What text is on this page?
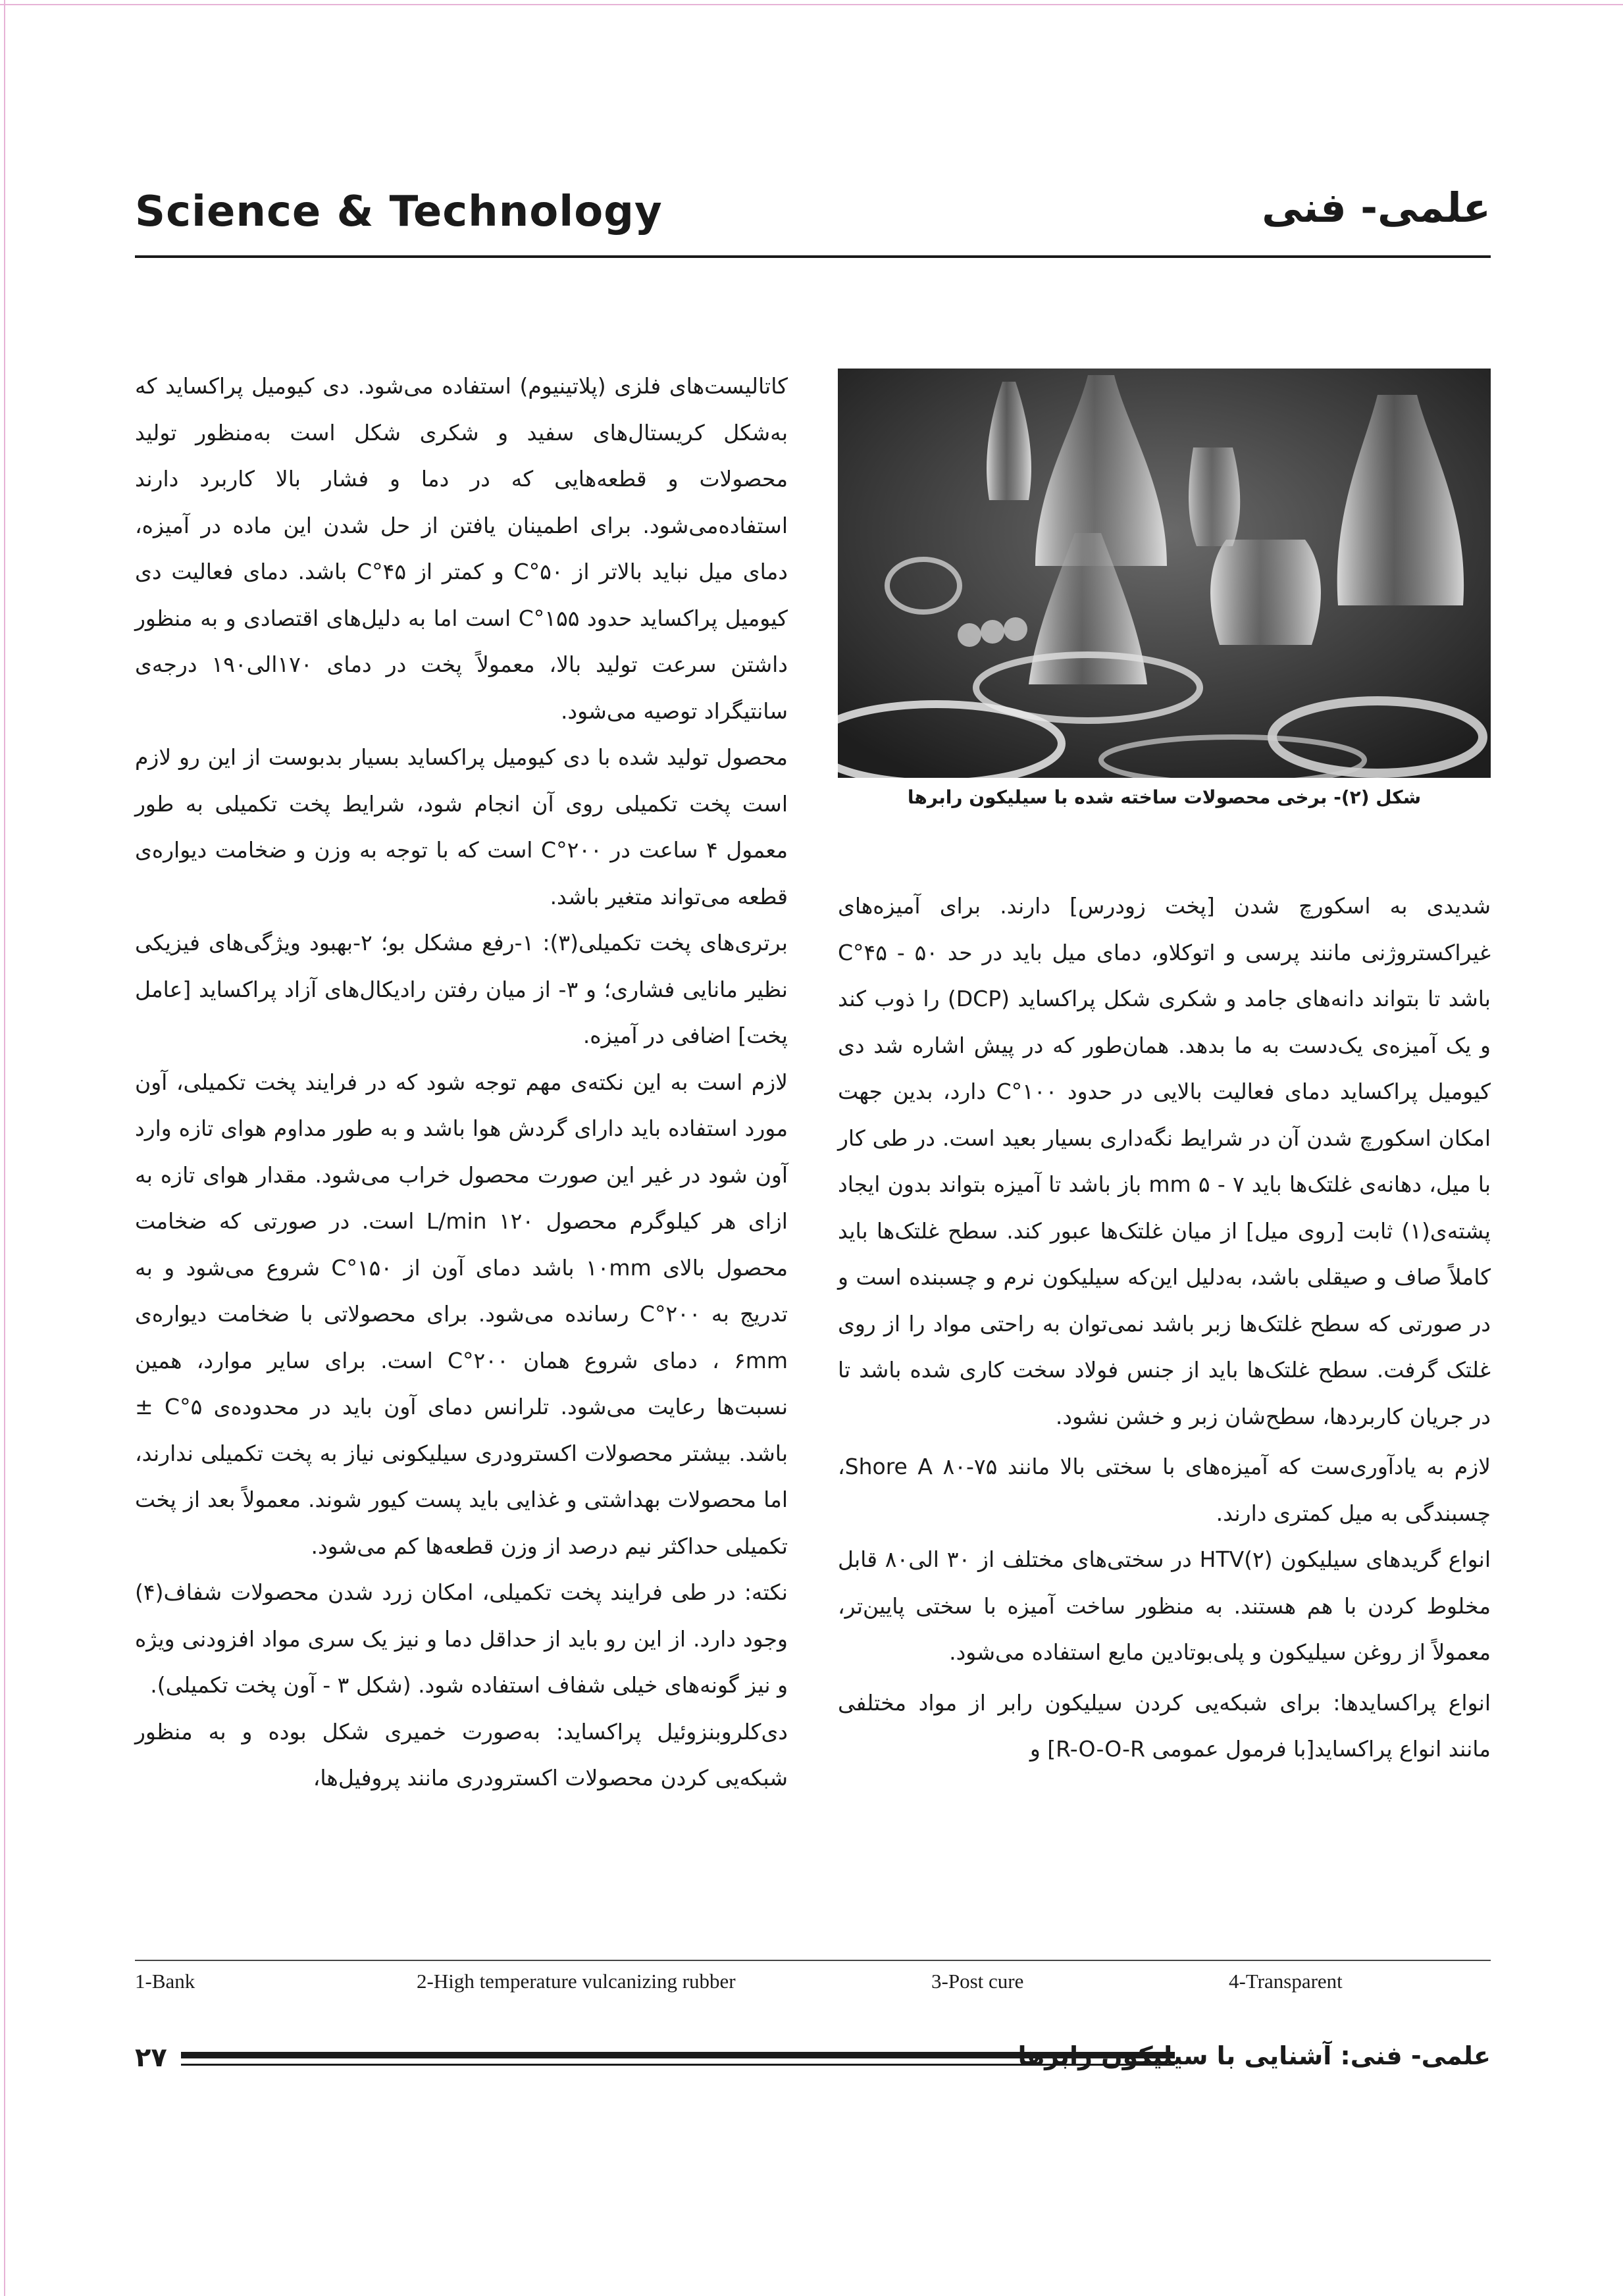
Science & Technology	علمی- فنی

کاتالیست‌های فلزی (پلاتینیوم) استفاده می‌شود. دی کیومیل پراکساید که به‌شکل کریستال‌های سفید و شکری شکل است به‌منظور تولید محصولات و قطعه‌هایی که در دما و فشار بالا کاربرد دارند استفاده‌می‌شود. برای اطمینان یافتن از حل شدن این ماده در آمیزه، دمای میل نباید بالاتر از ۵۰°C و کمتر از ۴۵°C باشد. دمای فعالیت دی کیومیل پراکساید حدود ۱۵۵°C است اما به دلیل‌های اقتصادی و به منظور داشتن سرعت تولید بالا، معمولاً پخت در دمای ۱۷۰الی۱۹۰ درجه‌ی سانتیگراد توصیه می‌شود.

محصول تولید شده با دی کیومیل پراکساید بسیار بدبوست از این رو لازم است پخت تکمیلی روی آن انجام شود، شرایط پخت تکمیلی به طور معمول ۴ ساعت در ۲۰۰°C است که با توجه به وزن و ضخامت دیواره‌ی قطعه می‌تواند متغیر باشد.

برتری‌های پخت تکمیلی(۳): ۱-رفع مشکل بو؛ ۲-بهبود ویژگی‌های فیزیکی نظیر مانایی فشاری؛ و ۳- از میان رفتن رادیکال‌های آزاد پراکساید [عامل پخت] اضافی در آمیزه.

لازم است به این نکته‌ی مهم توجه شود که در فرایند پخت تکمیلی، آون مورد استفاده باید دارای گردش هوا باشد و به طور مداوم هوای تازه وارد آون شود در غیر این صورت محصول خراب می‌شود. مقدار هوای تازه به ازای هر کیلوگرم محصول ۱۲۰ L/min است. در صورتی که ضخامت محصول بالای ۱۰mm باشد دمای آون از ۱۵۰°C شروع می‌شود و به تدریج به ۲۰۰°C رسانده می‌شود. برای محصولاتی با ضخامت دیواره‌ی ۶mm ، دمای شروع همان ۲۰۰°C است. برای سایر موارد، همین نسبت‌ها رعایت می‌شود. تلرانس دمای آون باید در محدوده‌ی ۵°C ± باشد. بیشتر محصولات اکسترودری سیلیکونی نیاز به پخت تکمیلی ندارند، اما محصولات بهداشتی و غذایی باید پست کیور شوند. معمولاً بعد از پخت تکمیلی حداکثر نیم درصد از وزن قطعه‌ها کم می‌شود.

نکته: در طی فرایند پخت تکمیلی، امکان زرد شدن محصولات شفاف(۴) وجود دارد. از این رو باید از حداقل دما و نیز یک سری مواد افزودنی ویژه و نیز گونه‌های خیلی شفاف استفاده شود. (شکل ۳ - آون پخت تکمیلی).

دی‌کلروبنزوئیل پراکساید: به‌صورت خمیری شکل بوده و به منظور شبکه‌یی کردن محصولات اکسترودری مانند پروفیل‌ها،

شکل (۲)- برخی محصولات ساخته شده با سیلیکون رابرها

شدیدی به اسکورچ شدن [پخت زودرس] دارند. برای آمیزه‌های غیراکستروژنی مانند پرسی و اتوکلاو، دمای میل باید در حد ۵۰ - ۴۵°C باشد تا بتواند دانه‌های جامد و شکری شکل پراکساید (DCP) را ذوب کند و یک آمیزه‌ی یک‌دست به ما بدهد. همان‌طور که در پیش اشاره شد دی کیومیل پراکساید دمای فعالیت بالایی در حدود ۱۰۰°C دارد، بدین جهت امکان اسکورچ شدن آن در شرایط نگه‌داری بسیار بعید است. در طی کار با میل، دهانه‌ی غلتک‌ها باید ۷ - ۵ mm باز باشد تا آمیزه بتواند بدون ایجاد پشته‌ی(۱) ثابت [روی میل] از میان غلتک‌ها عبور کند. سطح غلتک‌ها باید کاملاً صاف و صیقلی باشد، به‌دلیل این‌که سیلیکون نرم و چسبنده است و در صورتی که سطح غلتک‌ها زبر باشد نمی‌توان به راحتی مواد را از روی غلتک گرفت. سطح غلتک‌ها باید از جنس فولاد سخت کاری شده باشد تا در جریان کاربردها، سطح‌شان زبر و خشن نشود.

لازم به یادآوری‌ست که آمیزه‌های با سختی بالا مانند ۷۵-۸۰ Shore A، چسبندگی به میل کمتری دارند.

انواع گریدهای سیلیکون HTV(۲) در سختی‌های مختلف از ۳۰ الی۸۰ قابل مخلوط کردن با هم هستند. به منظور ساخت آمیزه با سختی پایین‌تر، معمولاً از روغن سیلیکون و پلی‌بوتادین مایع استفاده می‌شود.

انواع پراکسایدها: برای شبکه‌یی کردن سیلیکون رابر از مواد مختلفی مانند انواع پراکساید[با فرمول عمومی R-O-O-R] و

1-Bank	2-High temperature vulcanizing rubber	3-Post cure	4-Transparent
۲۷	علمی- فنی: آشنایی با سیلیکون رابرها
